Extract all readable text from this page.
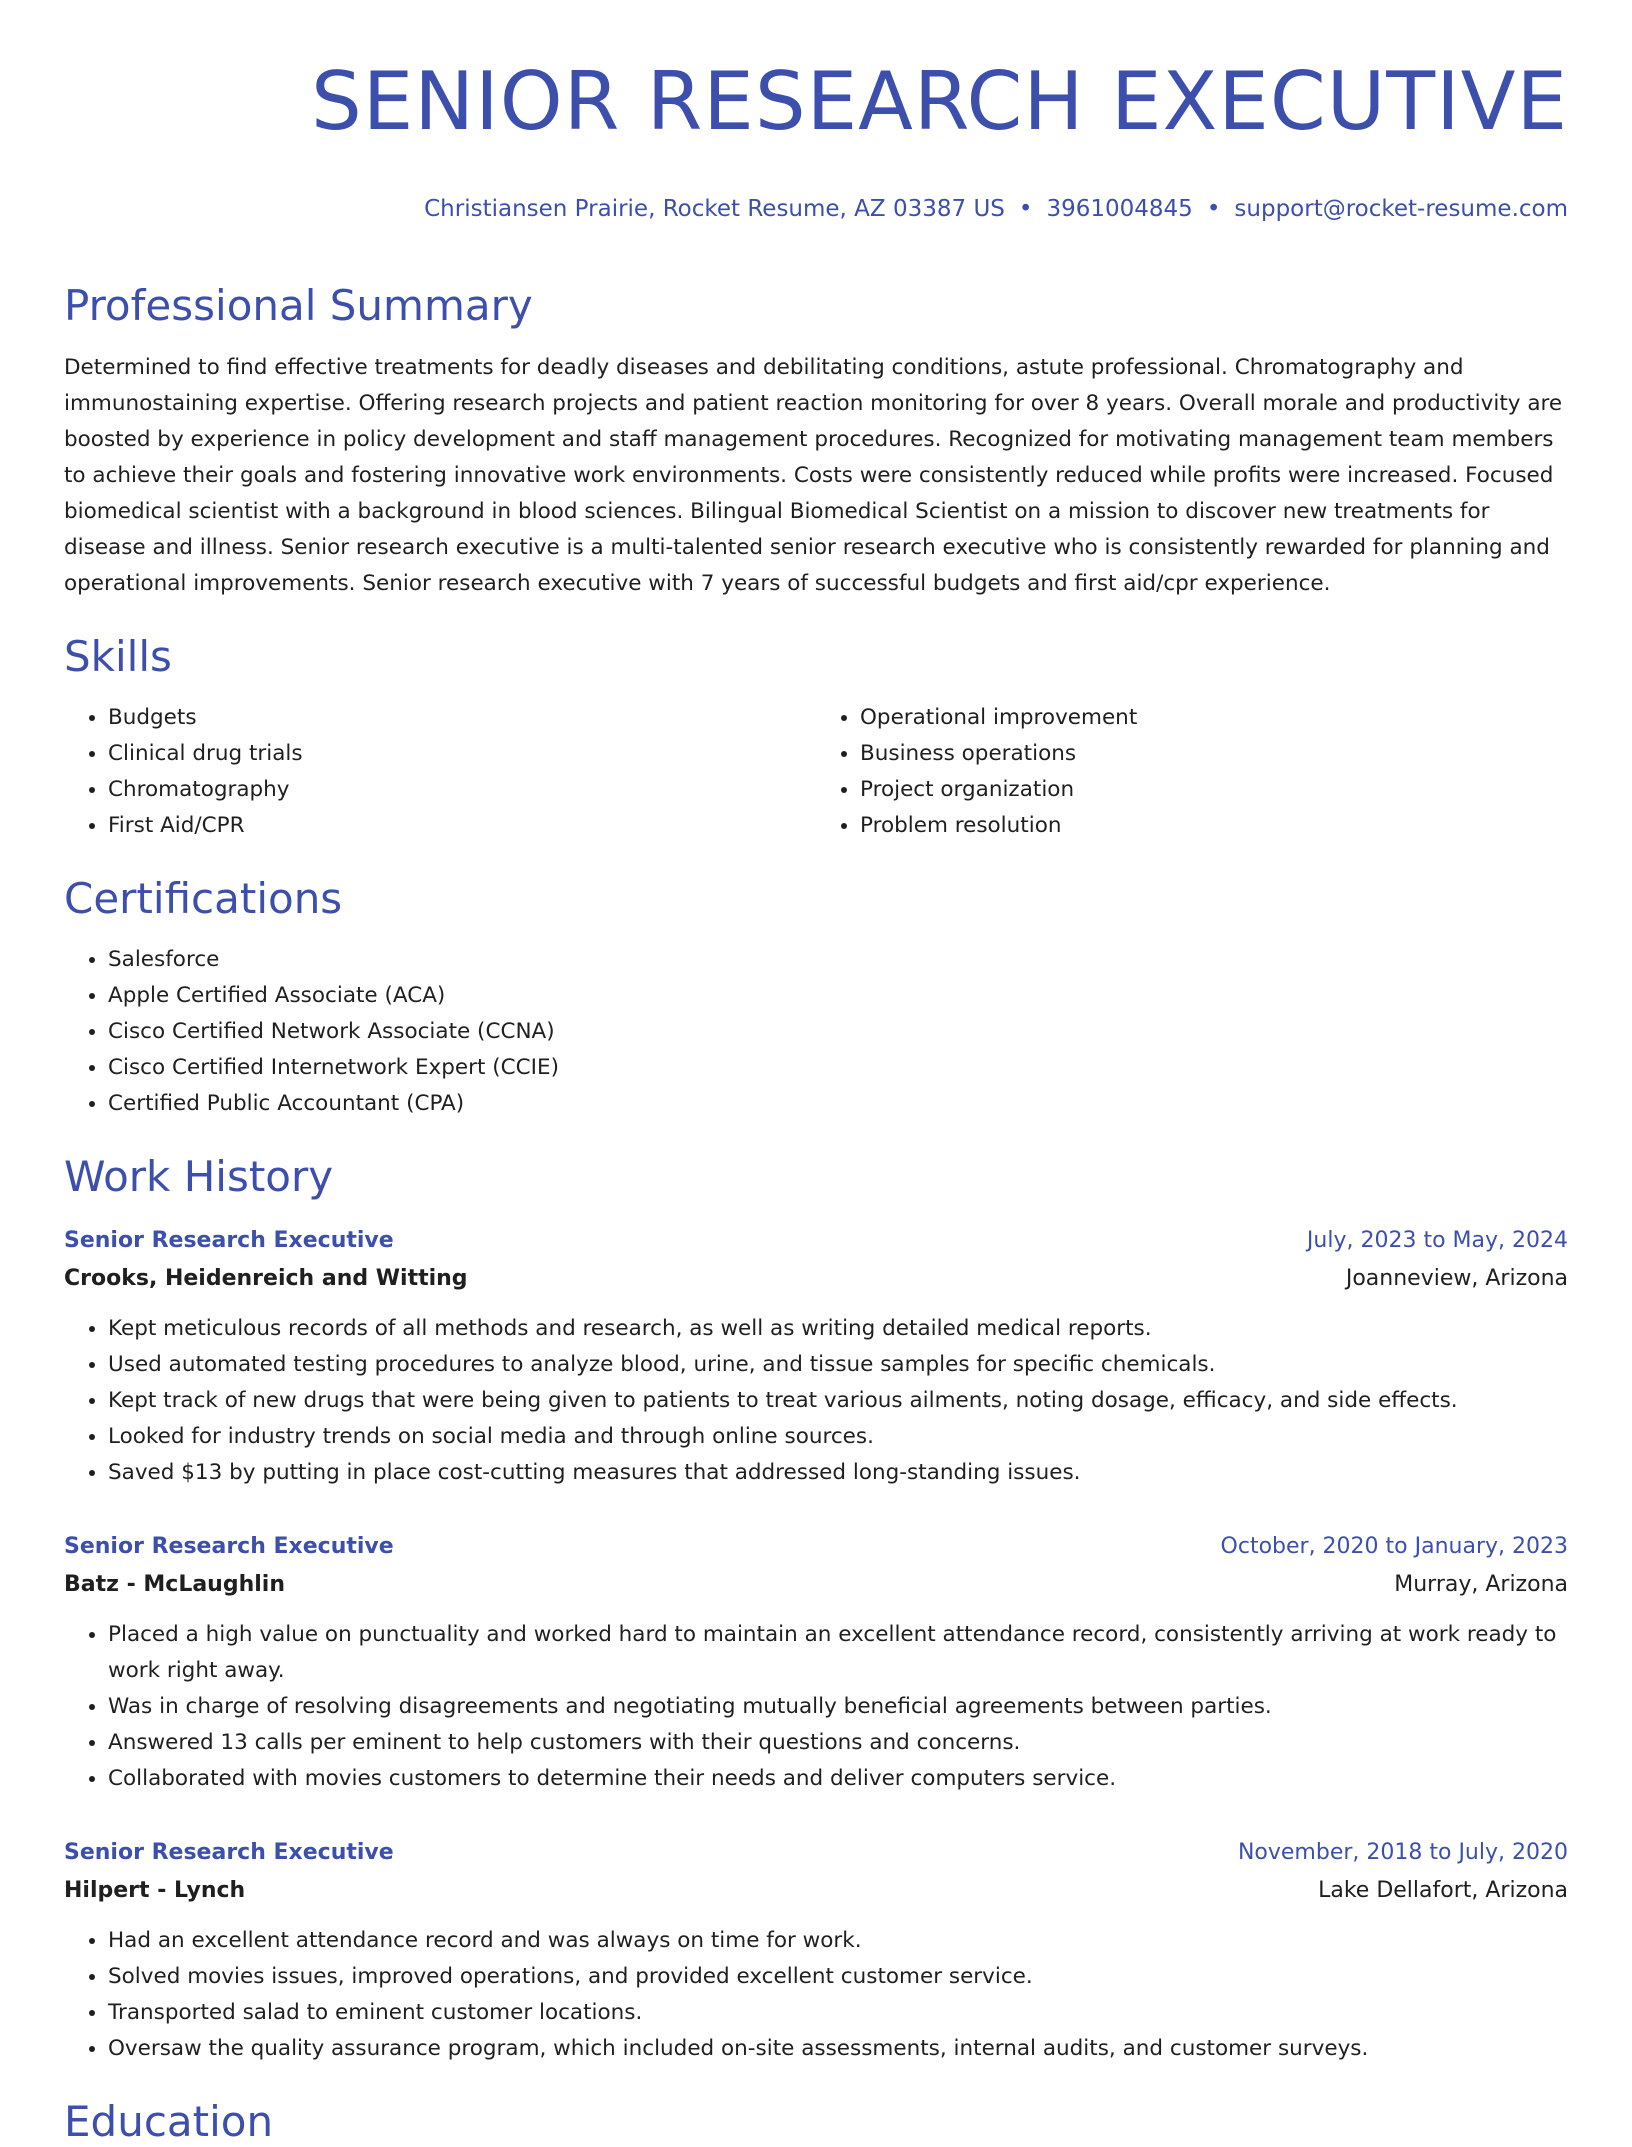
SENIOR RESEARCH EXECUTIVE
Christiansen Prairie, Rocket Resume, AZ 03387 US • 3961004845 • support@rocket-resume.com
Professional Summary
Determined to find effective treatments for deadly diseases and debilitating conditions, astute professional. Chromatography and immunostaining expertise. Offering research projects and patient reaction monitoring for over 8 years. Overall morale and productivity are boosted by experience in policy development and staff management procedures. Recognized for motivating management team members to achieve their goals and fostering innovative work environments. Costs were consistently reduced while profits were increased. Focused biomedical scientist with a background in blood sciences. Bilingual Biomedical Scientist on a mission to discover new treatments for disease and illness. Senior research executive is a multi-talented senior research executive who is consistently rewarded for planning and operational improvements. Senior research executive with 7 years of successful budgets and first aid/cpr experience.
Skills
• Budgets
• Clinical drug trials
• Chromatography
• First Aid/CPR
• Operational improvement
• Business operations
• Project organization
• Problem resolution
Certifications
• Salesforce
• Apple Certified Associate (ACA)
• Cisco Certified Network Associate (CCNA)
• Cisco Certified Internetwork Expert (CCIE)
• Certified Public Accountant (CPA)
Work History
Senior Research Executive	July, 2023 to May, 2024
Crooks, Heidenreich and Witting	Joanneview, Arizona
• Kept meticulous records of all methods and research, as well as writing detailed medical reports.
• Used automated testing procedures to analyze blood, urine, and tissue samples for specific chemicals.
• Kept track of new drugs that were being given to patients to treat various ailments, noting dosage, efficacy, and side effects.
• Looked for industry trends on social media and through online sources.
• Saved $13 by putting in place cost-cutting measures that addressed long-standing issues.
Senior Research Executive	October, 2020 to January, 2023
Batz - McLaughlin	Murray, Arizona
• Placed a high value on punctuality and worked hard to maintain an excellent attendance record, consistently arriving at work ready to work right away.
• Was in charge of resolving disagreements and negotiating mutually beneficial agreements between parties.
• Answered 13 calls per eminent to help customers with their questions and concerns.
• Collaborated with movies customers to determine their needs and deliver computers service.
Senior Research Executive	November, 2018 to July, 2020
Hilpert - Lynch	Lake Dellafort, Arizona
• Had an excellent attendance record and was always on time for work.
• Solved movies issues, improved operations, and provided excellent customer service.
• Transported salad to eminent customer locations.
• Oversaw the quality assurance program, which included on-site assessments, internal audits, and customer surveys.
Education
